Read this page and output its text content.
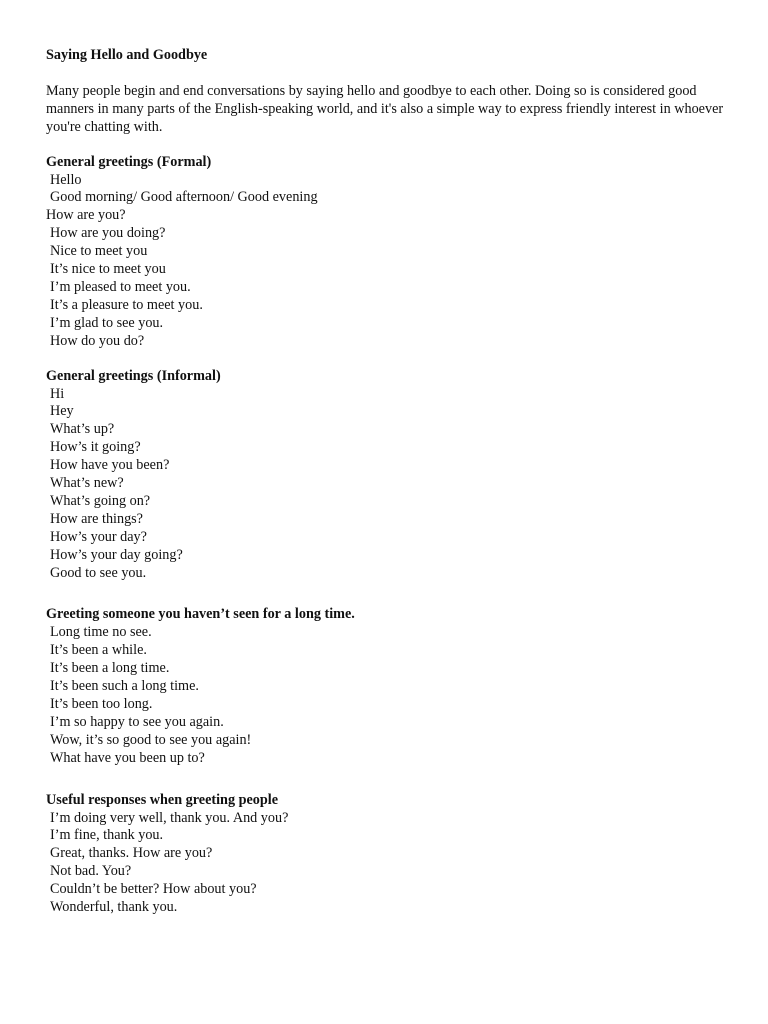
Saying Hello and Goodbye

Many people begin and end conversations by saying hello and goodbye to each other. Doing so is considered good manners in many parts of the English-speaking world, and it's also a simple way to express friendly interest in whoever you're chatting with.

General greetings (Formal)

Hello

Good morning/ Good afternoon/ Good evening

How are you?

How are you doing?

Nice to meet you

It’s nice to meet you

I’m pleased to meet you.

It’s a pleasure to meet you.

I’m glad to see you.

How do you do?

General greetings (Informal)

Hi

Hey

What’s up?

How’s it going?

How have you been?

What’s new?

What’s going on?

How are things?

How’s your day?

How’s your day going?

Good to see you.

Greeting someone you haven’t seen for a long time.

Long time no see.

It’s been a while.

It’s been a long time.

It’s been such a long time.

It’s been too long.

I’m so happy to see you again.

Wow, it’s so good to see you again!

What have you been up to?

Useful responses when greeting people

I’m doing very well, thank you. And you?

I’m fine, thank you.

Great, thanks. How are you?

Not bad. You?

Couldn’t be better? How about you?

Wonderful, thank you.
